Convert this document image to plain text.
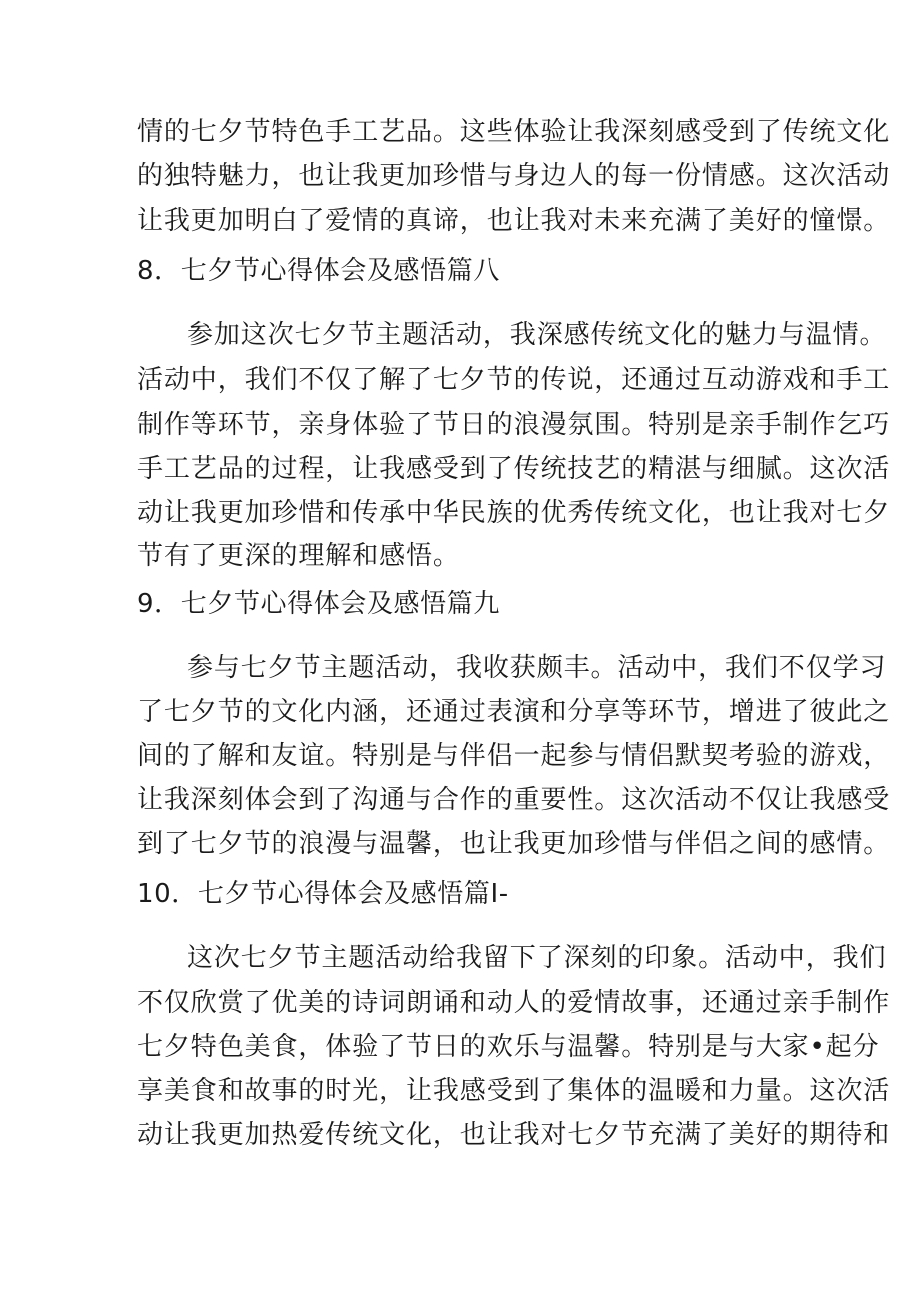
情的七夕节特色手工艺品。这些体验让我深刻感受到了传统文化
的独特魅力，也让我更加珍惜与身边人的每一份情感。这次活动
让我更加明白了爱情的真谛，也让我对未来充满了美好的憧憬。
8．七夕节心得体会及感悟篇八
参加这次七夕节主题活动，我深感传统文化的魅力与温情。
活动中，我们不仅了解了七夕节的传说，还通过互动游戏和手工
制作等环节，亲身体验了节日的浪漫氛围。特别是亲手制作乞巧
手工艺品的过程，让我感受到了传统技艺的精湛与细腻。这次活
动让我更加珍惜和传承中华民族的优秀传统文化，也让我对七夕
节有了更深的理解和感悟。
9．七夕节心得体会及感悟篇九
参与七夕节主题活动，我收获颇丰。活动中，我们不仅学习
了七夕节的文化内涵，还通过表演和分享等环节，增进了彼此之
间的了解和友谊。特别是与伴侣一起参与情侣默契考验的游戏，
让我深刻体会到了沟通与合作的重要性。这次活动不仅让我感受
到了七夕节的浪漫与温馨，也让我更加珍惜与伴侣之间的感情。
10．七夕节心得体会及感悟篇I-
这次七夕节主题活动给我留下了深刻的印象。活动中，我们
不仅欣赏了优美的诗词朗诵和动人的爱情故事，还通过亲手制作
七夕特色美食，体验了节日的欢乐与温馨。特别是与大家•起分
享美食和故事的时光，让我感受到了集体的温暖和力量。这次活
动让我更加热爱传统文化，也让我对七夕节充满了美好的期待和
